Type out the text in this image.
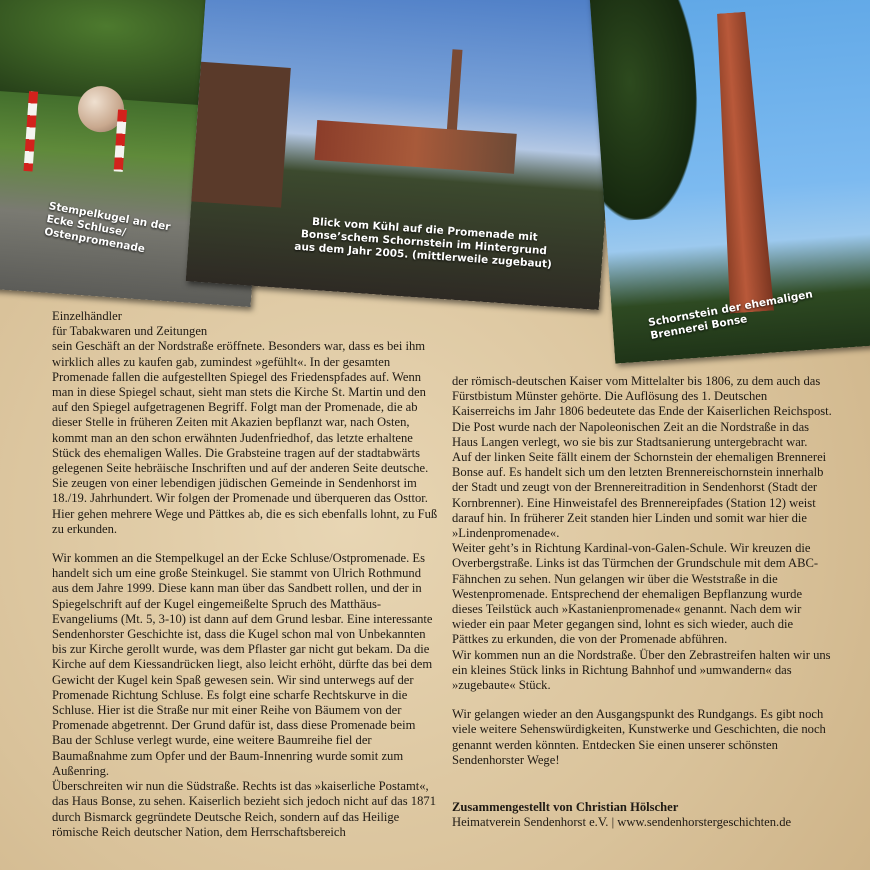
Stempelkugel an der Ecke Schluse/ Ostenpromenade	Blick vom Kühl auf die Promenade mit Bonse’schem Schornstein im Hintergrund aus dem Jahr 2005. (mittlerweile zugebaut)
Schornstein der ehemaligen Brennerei Bonse

Einzelhändler
für Tabakwaren und Zeitungen
sein Geschäft an der Nordstraße eröffnete. Besonders war, dass es bei ihm wirklich alles zu kaufen gab, zumindest »gefühlt«. In der gesamten Promenade fallen die aufgestellten Spiegel des Friedenspfades auf. Wenn man in diese Spiegel schaut, sieht man stets die Kirche St. Martin und den auf den Spiegel aufgetragenen Begriff. Folgt man der Promenade, die ab dieser Stelle in früheren Zeiten mit Akazien bepflanzt war, nach Osten, kommt man an den schon erwähnten Judenfriedhof, das letzte erhaltene Stück des ehemaligen Walles. Die Grabsteine tragen auf der stadtabwärts gelegenen Seite hebräische Inschriften und auf der anderen Seite deutsche. Sie zeugen von einer lebendigen jüdischen Gemeinde in Sendenhorst im 18./19. Jahrhundert. Wir folgen der Promenade und überqueren das Osttor. Hier gehen mehrere Wege und Pättkes ab, die es sich ebenfalls lohnt, zu Fuß zu erkunden.

Wir kommen an die Stempelkugel an der Ecke Schluse/Ostpromenade. Es handelt sich um eine große Steinkugel. Sie stammt von Ulrich Rothmund aus dem Jahre 1999. Diese kann man über das Sandbett rollen, und der in Spiegelschrift auf der Kugel eingemeißelte Spruch des Matthäus-Evangeliums (Mt. 5, 3-10) ist dann auf dem Grund lesbar. Eine interessante Sendenhorster Geschichte ist, dass die Kugel schon mal von Unbekannten bis zur Kirche gerollt wurde, was dem Pflaster gar nicht gut bekam. Da die Kirche auf dem Kiessandrücken liegt, also leicht erhöht, dürfte das bei dem Gewicht der Kugel kein Spaß gewesen sein. Wir sind unterwegs auf der Promenade Richtung Schluse. Es folgt eine scharfe Rechtskurve in die Schluse. Hier ist die Straße nur mit einer Reihe von Bäumem von der Promenade abgetrennt. Der Grund dafür ist, dass diese Promenade beim Bau der Schluse verlegt wurde, eine weitere Baumreihe fiel der Baumaßnahme zum Opfer und der Baum-Innenring wurde somit zum Außenring.

Überschreiten wir nun die Südstraße. Rechts ist das »kaiserliche Postamt«, das Haus Bonse, zu sehen. Kaiserlich bezieht sich jedoch nicht auf das 1871 durch Bismarck gegründete Deutsche Reich, sondern auf das Heilige römische Reich deutscher Nation, dem Herrschaftsbereich

der römisch-deutschen Kaiser vom Mittelalter bis 1806, zu dem auch das Fürstbistum Münster gehörte. Die Auflösung des 1. Deutschen Kaiserreichs im Jahr 1806 bedeutete das Ende der Kaiserlichen Reichspost. Die Post wurde nach der Napoleonischen Zeit an die Nordstraße in das Haus Langen verlegt, wo sie bis zur Stadtsanierung untergebracht war.

Auf der linken Seite fällt einem der Schornstein der ehemaligen Brennerei Bonse auf. Es handelt sich um den letzten Brennereischornstein innerhalb der Stadt und zeugt von der Brennereitradition in Sendenhorst (Stadt der Kornbrenner). Eine Hinweistafel des Brennereipfades (Station 12) weist darauf hin. In früherer Zeit standen hier Linden und somit war hier die »Lindenpromenade«.

Weiter geht’s in Richtung Kardinal-von-Galen-Schule. Wir kreuzen die Overbergstraße. Links ist das Türmchen der Grundschule mit dem ABC-Fähnchen zu sehen. Nun gelangen wir über die Weststraße in die Westenpromenade. Entsprechend der ehemaligen Bepflanzung wurde dieses Teilstück auch »Kastanienpromenade« genannt. Nach dem wir wieder ein paar Meter gegangen sind, lohnt es sich wieder, auch die Pättkes zu erkunden, die von der Promenade abführen.

Wir kommen nun an die Nordstraße. Über den Zebrastreifen halten wir uns ein kleines Stück links in Richtung Bahnhof und »umwandern« das »zugebaute« Stück.

Wir gelangen wieder an den Ausgangspunkt des Rundgangs. Es gibt noch viele weitere Sehenswürdigkeiten, Kunstwerke und Geschichten, die noch genannt werden könnten. Entdecken Sie einen unserer schönsten Sendenhorster Wege!

Zusammengestellt von Christian Hölscher

Heimatverein Sendenhorst e.V. | www.sendenhorstergeschichten.de
